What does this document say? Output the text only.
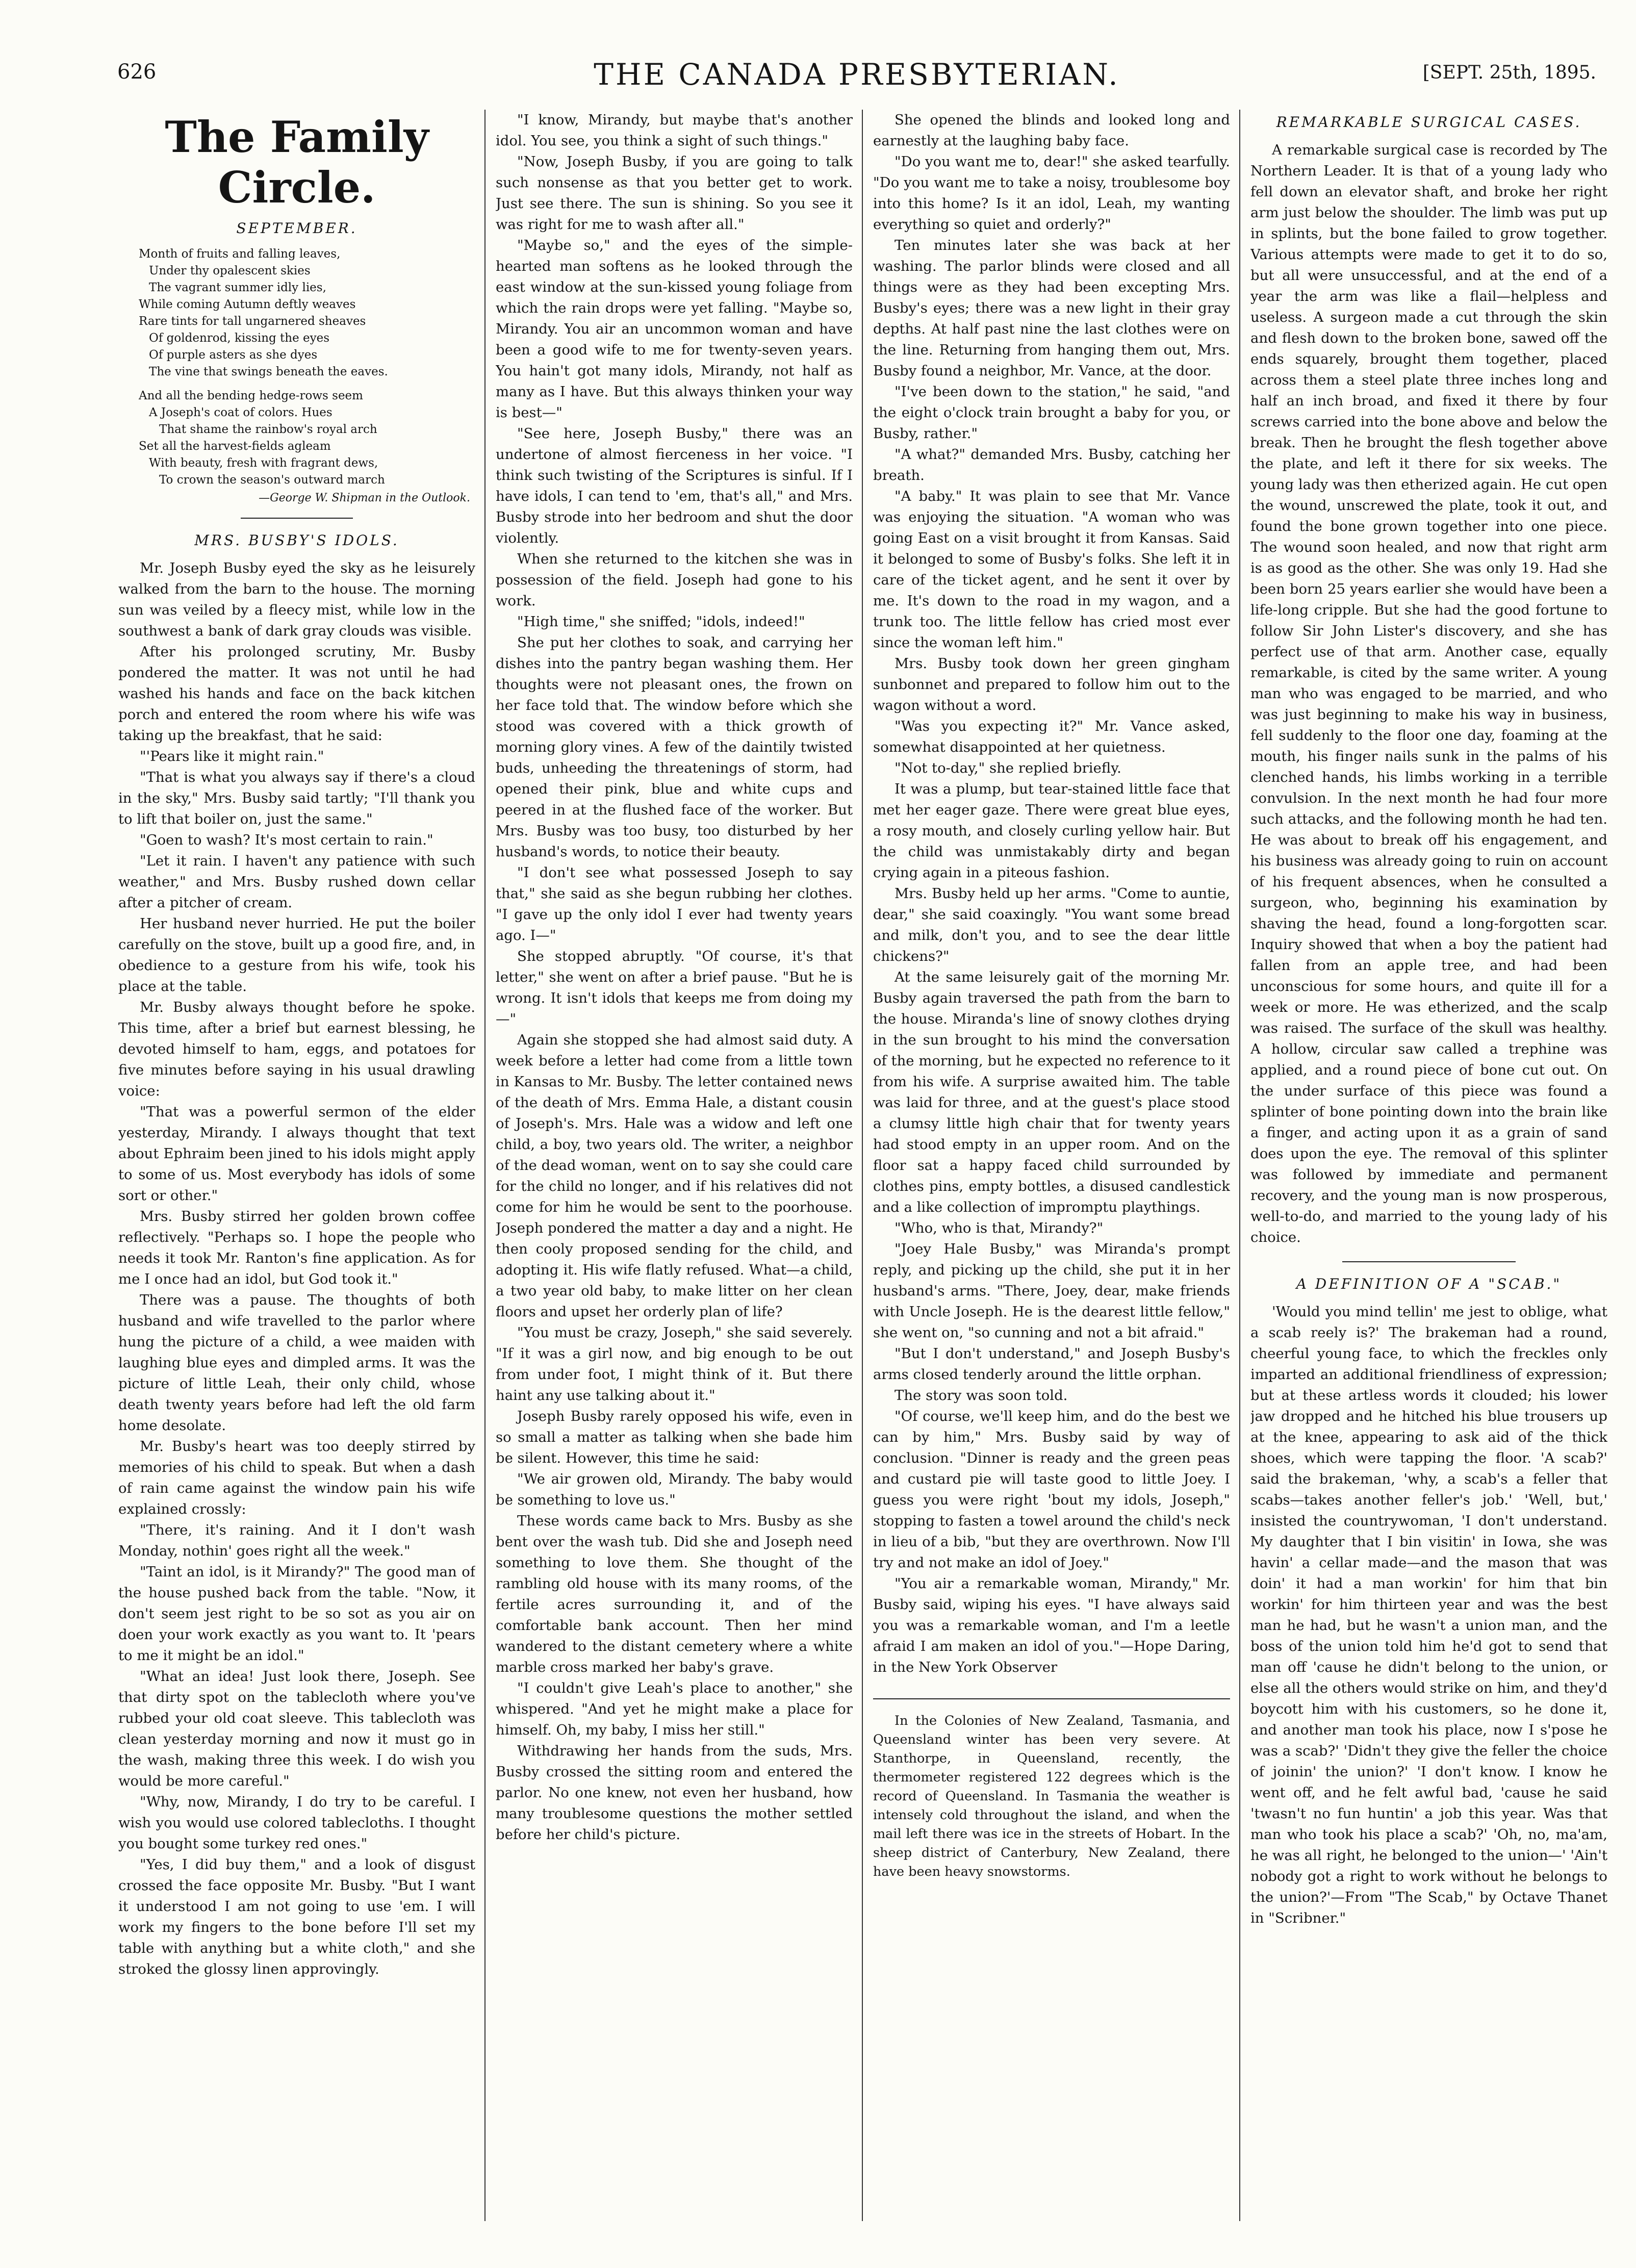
626	THE CANADA PRESBYTERIAN.	[SEPT. 25th, 1895.
The Family Circle.
SEPTEMBER.
Month of fruits and falling leaves,
Under thy opalescent skies
The vagrant summer idly lies,
While coming Autumn deftly weaves
Rare tints for tall ungarnered sheaves
Of goldenrod, kissing the eyes
Of purple asters as she dyes
The vine that swings beneath the eaves.
And all the bending hedge-rows seem
A Joseph's coat of colors. Hues
That shame the rainbow's royal arch
Set all the harvest-fields agleam
With beauty, fresh with fragrant dews,
To crown the season's outward march
—George W. Shipman in the Outlook.
MRS. BUSBY'S IDOLS.

Mr. Joseph Busby eyed the sky as he leisurely walked from the barn to the house. The morning sun was veiled by a fleecy mist, while low in the southwest a bank of dark gray clouds was visible.

After his prolonged scrutiny, Mr. Busby pondered the matter. It was not until he had washed his hands and face on the back kitchen porch and entered the room where his wife was taking up the breakfast, that he said:

"'Pears like it might rain."

"That is what you always say if there's a cloud in the sky," Mrs. Busby said tartly; "I'll thank you to lift that boiler on, just the same."

"Goen to wash? It's most certain to rain."

"Let it rain. I haven't any patience with such weather," and Mrs. Busby rushed down cellar after a pitcher of cream.

Her husband never hurried. He put the boiler carefully on the stove, built up a good fire, and, in obedience to a gesture from his wife, took his place at the table.

Mr. Busby always thought before he spoke. This time, after a brief but earnest blessing, he devoted himself to ham, eggs, and potatoes for five minutes before saying in his usual drawling voice:

"That was a powerful sermon of the elder yesterday, Mirandy. I always thought that text about Ephraim been jined to his idols might apply to some of us. Most everybody has idols of some sort or other."

Mrs. Busby stirred her golden brown coffee reflectively. "Perhaps so. I hope the people who needs it took Mr. Ranton's fine application. As for me I once had an idol, but God took it."

There was a pause. The thoughts of both husband and wife travelled to the parlor where hung the picture of a child, a wee maiden with laughing blue eyes and dimpled arms. It was the picture of little Leah, their only child, whose death twenty years before had left the old farm home desolate.

Mr. Busby's heart was too deeply stirred by memories of his child to speak. But when a dash of rain came against the window pain his wife explained crossly:

"There, it's raining. And it I don't wash Monday, nothin' goes right all the week."

"Taint an idol, is it Mirandy?" The good man of the house pushed back from the table. "Now, it don't seem jest right to be so sot as you air on doen your work exactly as you want to. It 'pears to me it might be an idol."

"What an idea! Just look there, Joseph. See that dirty spot on the tablecloth where you've rubbed your old coat sleeve. This tablecloth was clean yesterday morning and now it must go in the wash, making three this week. I do wish you would be more careful."

"Why, now, Mirandy, I do try to be careful. I wish you would use colored tablecloths. I thought you bought some turkey red ones."

"Yes, I did buy them," and a look of disgust crossed the face opposite Mr. Busby. "But I want it understood I am not going to use 'em. I will work my fingers to the bone before I'll set my table with anything but a white cloth," and she stroked the glossy linen approvingly.

"I know, Mirandy, but maybe that's another idol. You see, you think a sight of such things."

"Now, Joseph Busby, if you are going to talk such nonsense as that you better get to work. Just see there. The sun is shining. So you see it was right for me to wash after all."

"Maybe so," and the eyes of the simple-hearted man softens as he looked through the east window at the sun-kissed young foliage from which the rain drops were yet falling. "Maybe so, Mirandy. You air an uncommon woman and have been a good wife to me for twenty-seven years. You hain't got many idols, Mirandy, not half as many as I have. But this always thinken your way is best—"

"See here, Joseph Busby," there was an undertone of almost fierceness in her voice. "I think such twisting of the Scriptures is sinful. If I have idols, I can tend to 'em, that's all," and Mrs. Busby strode into her bedroom and shut the door violently.

When she returned to the kitchen she was in possession of the field. Joseph had gone to his work.

"High time," she sniffed; "idols, indeed!"

She put her clothes to soak, and carrying her dishes into the pantry began washing them. Her thoughts were not pleasant ones, the frown on her face told that. The window before which she stood was covered with a thick growth of morning glory vines. A few of the daintily twisted buds, unheeding the threatenings of storm, had opened their pink, blue and white cups and peered in at the flushed face of the worker. But Mrs. Busby was too busy, too disturbed by her husband's words, to notice their beauty.

"I don't see what possessed Joseph to say that," she said as she begun rubbing her clothes. "I gave up the only idol I ever had twenty years ago. I—"

She stopped abruptly. "Of course, it's that letter," she went on after a brief pause. "But he is wrong. It isn't idols that keeps me from doing my—"

Again she stopped she had almost said duty. A week before a letter had come from a little town in Kansas to Mr. Busby. The letter contained news of the death of Mrs. Emma Hale, a distant cousin of Joseph's. Mrs. Hale was a widow and left one child, a boy, two years old. The writer, a neighbor of the dead woman, went on to say she could care for the child no longer, and if his relatives did not come for him he would be sent to the poorhouse. Joseph pondered the matter a day and a night. He then cooly proposed sending for the child, and adopting it. His wife flatly refused. What—a child, a two year old baby, to make litter on her clean floors and upset her orderly plan of life?

"You must be crazy, Joseph," she said severely. "If it was a girl now, and big enough to be out from under foot, I might think of it. But there haint any use talking about it."

Joseph Busby rarely opposed his wife, even in so small a matter as talking when she bade him be silent. However, this time he said:

"We air growen old, Mirandy. The baby would be something to love us."

These words came back to Mrs. Busby as she bent over the wash tub. Did she and Joseph need something to love them. She thought of the rambling old house with its many rooms, of the fertile acres surrounding it, and of the comfortable bank account. Then her mind wandered to the distant cemetery where a white marble cross marked her baby's grave.

"I couldn't give Leah's place to another," she whispered. "And yet he might make a place for himself. Oh, my baby, I miss her still."

Withdrawing her hands from the suds, Mrs. Busby crossed the sitting room and entered the parlor. No one knew, not even her husband, how many troublesome questions the mother settled before her child's picture.

She opened the blinds and looked long and earnestly at the laughing baby face.

"Do you want me to, dear!" she asked tearfully. "Do you want me to take a noisy, troublesome boy into this home? Is it an idol, Leah, my wanting everything so quiet and orderly?"

Ten minutes later she was back at her washing. The parlor blinds were closed and all things were as they had been excepting Mrs. Busby's eyes; there was a new light in their gray depths. At half past nine the last clothes were on the line. Returning from hanging them out, Mrs. Busby found a neighbor, Mr. Vance, at the door.

"I've been down to the station," he said, "and the eight o'clock train brought a baby for you, or Busby, rather."

"A what?" demanded Mrs. Busby, catching her breath.

"A baby." It was plain to see that Mr. Vance was enjoying the situation. "A woman who was going East on a visit brought it from Kansas. Said it belonged to some of Busby's folks. She left it in care of the ticket agent, and he sent it over by me. It's down to the road in my wagon, and a trunk too. The little fellow has cried most ever since the woman left him."

Mrs. Busby took down her green gingham sunbonnet and prepared to follow him out to the wagon without a word.

"Was you expecting it?" Mr. Vance asked, somewhat disappointed at her quietness.

"Not to-day," she replied briefly.

It was a plump, but tear-stained little face that met her eager gaze. There were great blue eyes, a rosy mouth, and closely curling yellow hair. But the child was unmistakably dirty and began crying again in a piteous fashion.

Mrs. Busby held up her arms. "Come to auntie, dear," she said coaxingly. "You want some bread and milk, don't you, and to see the dear little chickens?"

At the same leisurely gait of the morning Mr. Busby again traversed the path from the barn to the house. Miranda's line of snowy clothes drying in the sun brought to his mind the conversation of the morning, but he expected no reference to it from his wife. A surprise awaited him. The table was laid for three, and at the guest's place stood a clumsy little high chair that for twenty years had stood empty in an upper room. And on the floor sat a happy faced child surrounded by clothes pins, empty bottles, a disused candlestick and a like collection of impromptu playthings.

"Who, who is that, Mirandy?"

"Joey Hale Busby," was Miranda's prompt reply, and picking up the child, she put it in her husband's arms. "There, Joey, dear, make friends with Uncle Joseph. He is the dearest little fellow," she went on, "so cunning and not a bit afraid."

"But I don't understand," and Joseph Busby's arms closed tenderly around the little orphan.

The story was soon told.

"Of course, we'll keep him, and do the best we can by him," Mrs. Busby said by way of conclusion. "Dinner is ready and the green peas and custard pie will taste good to little Joey. I guess you were right 'bout my idols, Joseph," stopping to fasten a towel around the child's neck in lieu of a bib, "but they are overthrown. Now I'll try and not make an idol of Joey."

"You air a remarkable woman, Mirandy," Mr. Busby said, wiping his eyes. "I have always said you was a remarkable woman, and I'm a leetle afraid I am maken an idol of you."—Hope Daring, in the New York Observer

In the Colonies of New Zealand, Tasmania, and Queensland winter has been very severe. At Stanthorpe, in Queensland, recently, the thermometer registered 122 degrees which is the record of Queensland. In Tasmania the weather is intensely cold throughout the island, and when the mail left there was ice in the streets of Hobart. In the sheep district of Canterbury, New Zealand, there have been heavy snowstorms.

REMARKABLE SURGICAL CASES.

A remarkable surgical case is recorded by The Northern Leader. It is that of a young lady who fell down an elevator shaft, and broke her right arm just below the shoulder. The limb was put up in splints, but the bone failed to grow together. Various attempts were made to get it to do so, but all were unsuccessful, and at the end of a year the arm was like a flail—helpless and useless. A surgeon made a cut through the skin and flesh down to the broken bone, sawed off the ends squarely, brought them together, placed across them a steel plate three inches long and half an inch broad, and fixed it there by four screws carried into the bone above and below the break. Then he brought the flesh together above the plate, and left it there for six weeks. The young lady was then etherized again. He cut open the wound, unscrewed the plate, took it out, and found the bone grown together into one piece. The wound soon healed, and now that right arm is as good as the other. She was only 19. Had she been born 25 years earlier she would have been a life-long cripple. But she had the good fortune to follow Sir John Lister's discovery, and she has perfect use of that arm. Another case, equally remarkable, is cited by the same writer. A young man who was engaged to be married, and who was just beginning to make his way in business, fell suddenly to the floor one day, foaming at the mouth, his finger nails sunk in the palms of his clenched hands, his limbs working in a terrible convulsion. In the next month he had four more such attacks, and the following month he had ten. He was about to break off his engagement, and his business was already going to ruin on account of his frequent absences, when he consulted a surgeon, who, beginning his examination by shaving the head, found a long-forgotten scar. Inquiry showed that when a boy the patient had fallen from an apple tree, and had been unconscious for some hours, and quite ill for a week or more. He was etherized, and the scalp was raised. The surface of the skull was healthy. A hollow, circular saw called a trephine was applied, and a round piece of bone cut out. On the under surface of this piece was found a splinter of bone pointing down into the brain like a finger, and acting upon it as a grain of sand does upon the eye. The removal of this splinter was followed by immediate and permanent recovery, and the young man is now prosperous, well-to-do, and married to the young lady of his choice.

A DEFINITION OF A "SCAB."

'Would you mind tellin' me jest to oblige, what a scab reely is?' The brakeman had a round, cheerful young face, to which the freckles only imparted an additional friendliness of expression; but at these artless words it clouded; his lower jaw dropped and he hitched his blue trousers up at the knee, appearing to ask aid of the thick shoes, which were tapping the floor. 'A scab?' said the brakeman, 'why, a scab's a feller that scabs—takes another feller's job.' 'Well, but,' insisted the countrywoman, 'I don't understand. My daughter that I bin visitin' in Iowa, she was havin' a cellar made—and the mason that was doin' it had a man workin' for him that bin workin' for him thirteen year and was the best man he had, but he wasn't a union man, and the boss of the union told him he'd got to send that man off 'cause he didn't belong to the union, or else all the others would strike on him, and they'd boycott him with his customers, so he done it, and another man took his place, now I s'pose he was a scab?' 'Didn't they give the feller the choice of joinin' the union?' 'I don't know. I know he went off, and he felt awful bad, 'cause he said 'twasn't no fun huntin' a job this year. Was that man who took his place a scab?' 'Oh, no, ma'am, he was all right, he belonged to the union—' 'Ain't nobody got a right to work without he belongs to the union?'—From "The Scab," by Octave Thanet in "Scribner."
